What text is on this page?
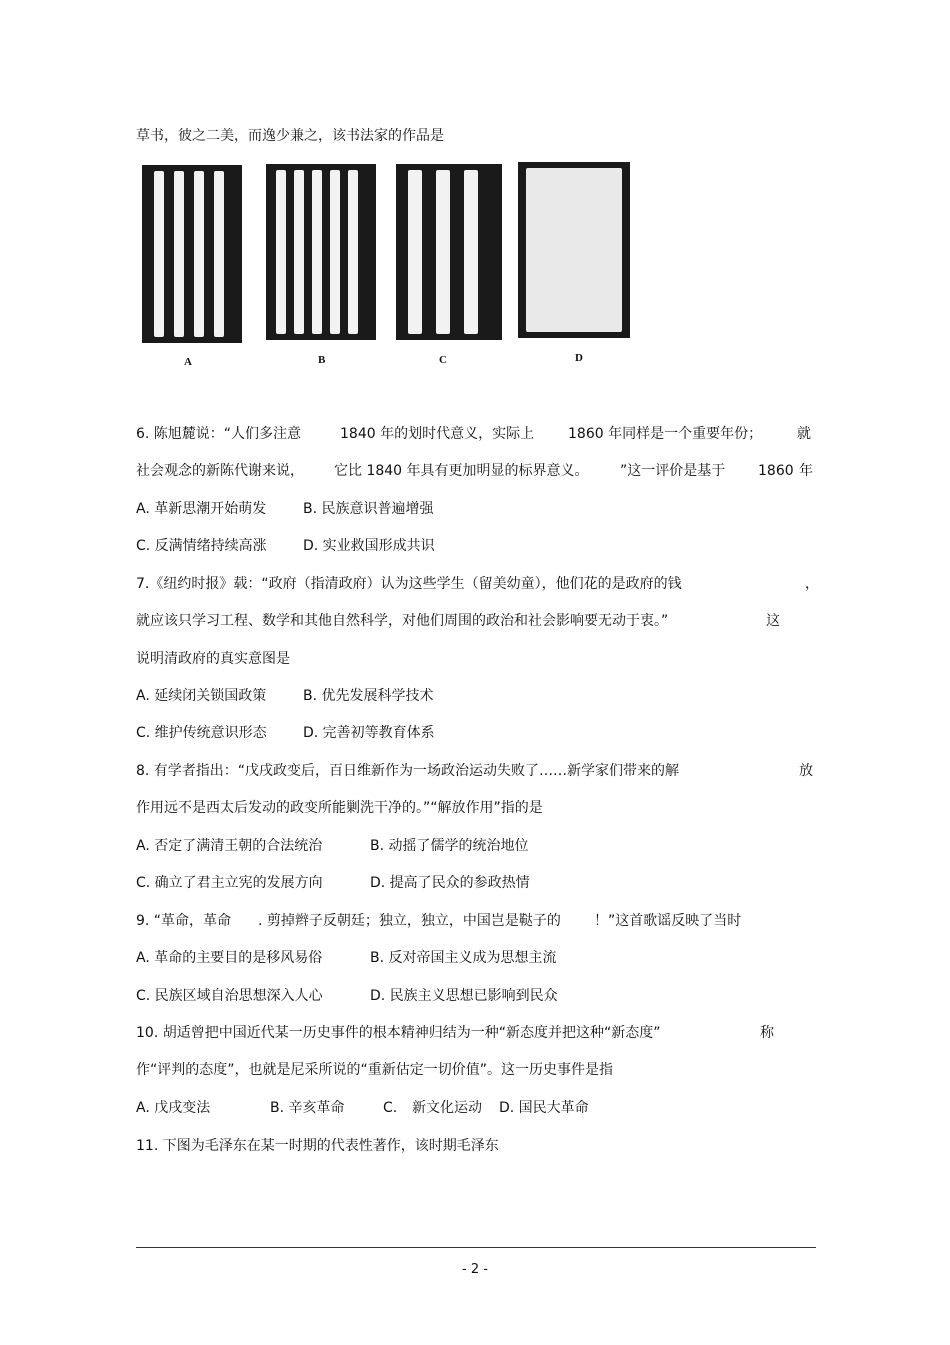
草书，彼之二美，而逸少兼之，该书法家的作品是
A	B	C	D
6. 陈旭麓说：“人们多注意	1840 年的划时代意义，实际上 1860 年同样是一个重要年份； 就
社会观念的新陈代谢来说， 它比 1840 年具有更加明显的标界意义。 ”这一评价是基于 1860 年
A. 革新思潮开始萌发	B. 民族意识普遍增强
C. 反满情绪持续高涨	D. 实业救国形成共识
7.《纽约时报》载：“政府（指清政府）认为这些学生（留美幼童），他们花的是政府的钱	，
就应该只学习工程、数学和其他自然科学，对他们周围的政治和社会影响要无动于衷。”	这
说明清政府的真实意图是
A. 延续闭关锁国政策	B. 优先发展科学技术
C. 维护传统意识形态	D. 完善初等教育体系
8. 有学者指出：“戊戌政变后，百日维新作为一场政治运动失败了……新学家们带来的解	放
作用远不是西太后发动的政变所能剿洗干净的。”“解放作用”指的是
A. 否定了满清王朝的合法统治	B. 动摇了儒学的统治地位
C. 确立了君主立宪的发展方向	D. 提高了民众的参政热情
9. “革命，革命 . 剪掉辫子反朝廷；独立，独立，中国岂是鞑子的 ！”这首歌谣反映了当时
A. 革命的主要目的是移风易俗	B. 反对帝国主义成为思想主流
C. 民族区域自治思想深入人心	D. 民族主义思想已影响到民众
10. 胡适曾把中国近代某一历史事件的根本精神归结为一种“新态度并把这种“新态度”	称
作“评判的态度”，也就是尼采所说的“重新估定一切价值”。这一历史事件是指
A. 戊戌变法	B. 辛亥革命	C. 新文化运动 D. 国民大革命
11. 下图为毛泽东在某一时期的代表性著作，该时期毛泽东
- 2 -
